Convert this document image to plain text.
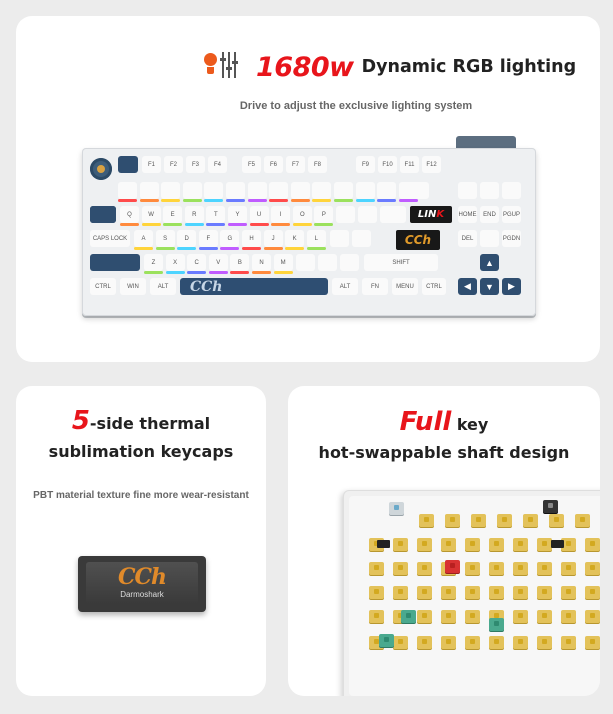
1680w Dynamic RGB lighting
Drive to adjust the exclusive lighting system
F1	F2	F3	F4	F5	F6	F7	F8	F9	F10	F11	F12
Q	W	E	R	T	Y	U	I	O	P
CAPS LOCK	A	S	D	F	G	H	J	K	L
Z	X	C	V	B	N	M	SHIFT
CTRL	WIN	ALT	CCh	ALT	FN	MENU	CTRL
LIN K
CCh
HOME	END	PGUP
DEL	PGDN
▲
◀	▼	▶
5-side thermal
sublimation keycaps
PBT material texture fine more wear-resistant
CCh
Darmoshark
Full key
hot-swappable shaft design
